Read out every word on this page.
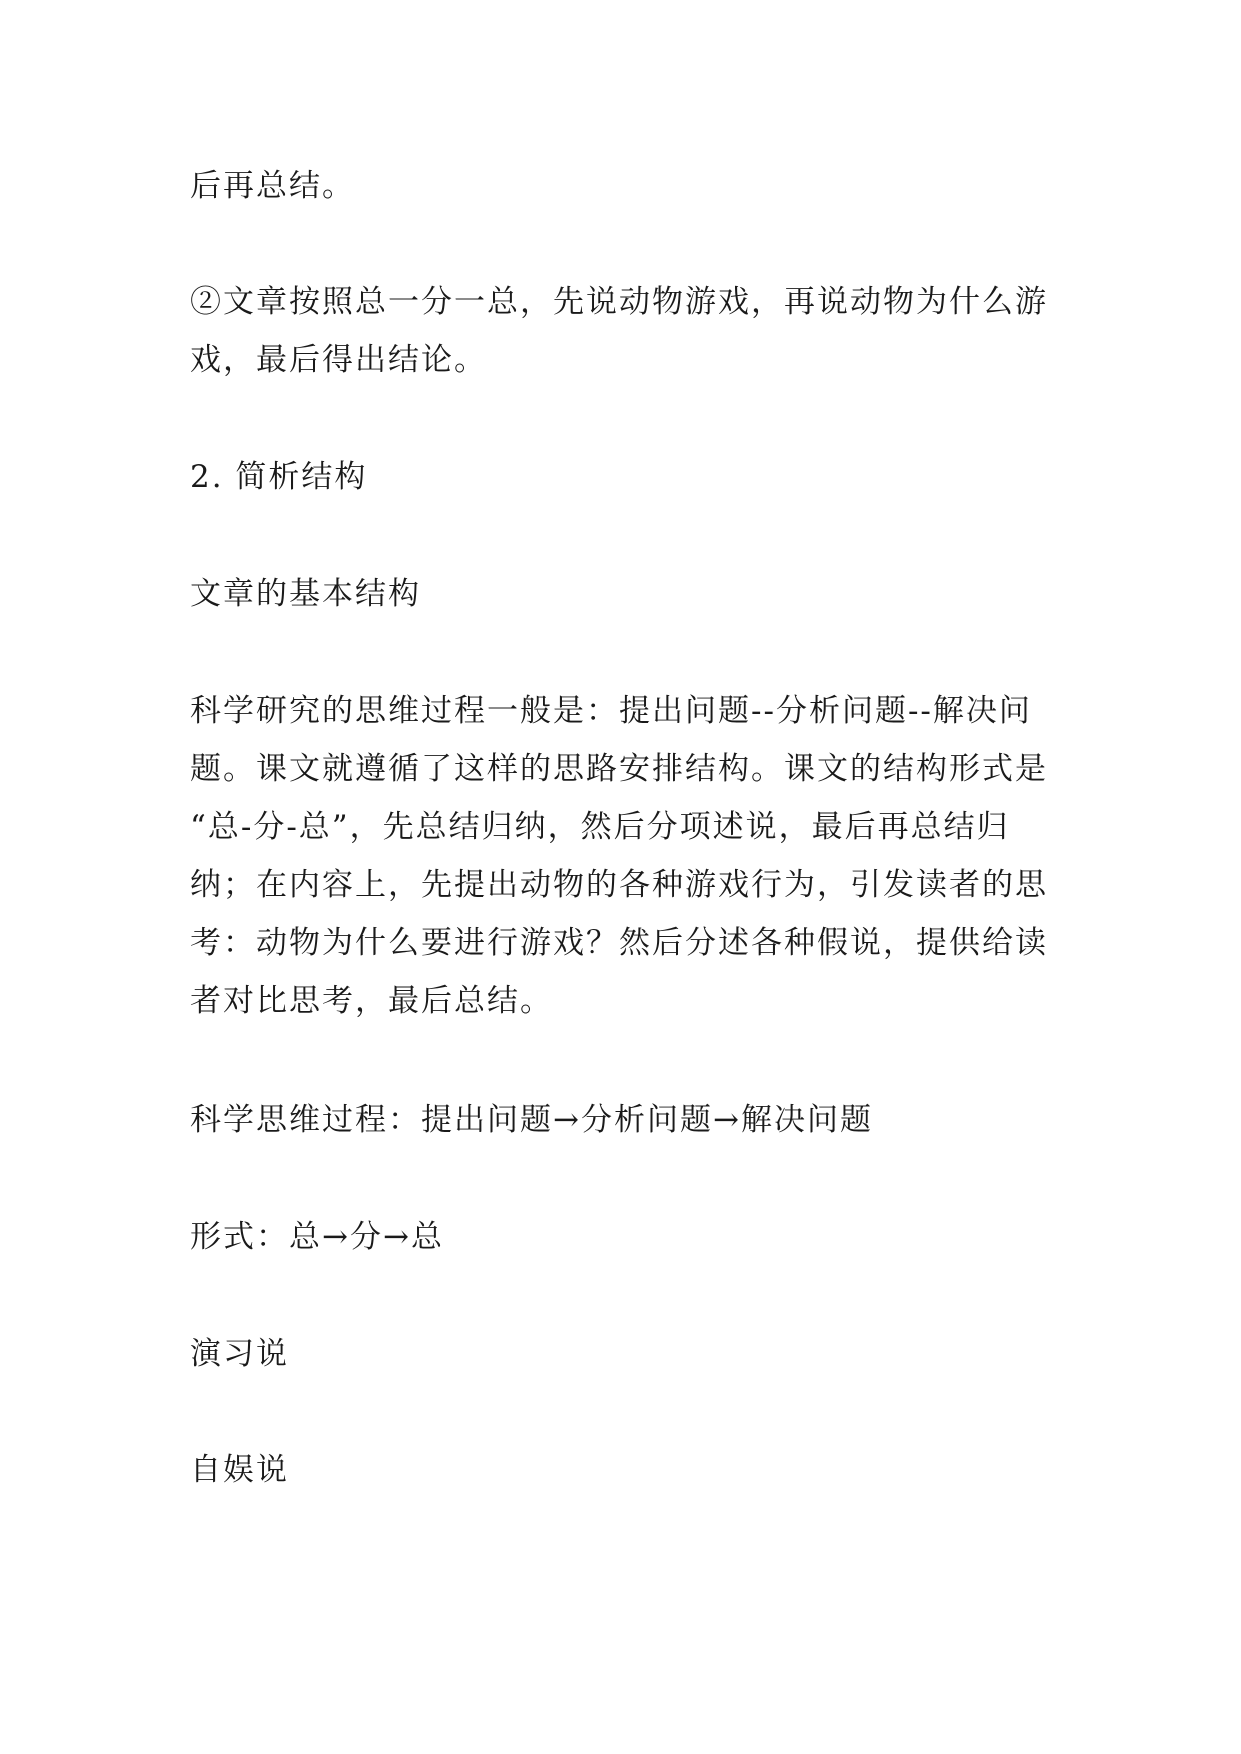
后再总结。

②文章按照总一分一总，先说动物游戏，再说动物为什么游
戏，最后得出结论。

2. 简析结构

文章的基本结构

科学研究的思维过程一般是：提出问题--分析问题--解决问
题。课文就遵循了这样的思路安排结构。课文的结构形式是
“总-分-总”，先总结归纳，然后分项述说，最后再总结归
纳；在内容上，先提出动物的各种游戏行为，引发读者的思
考：动物为什么要进行游戏？然后分述各种假说，提供给读
者对比思考，最后总结。

科学思维过程：提出问题→分析问题→解决问题

形式：总→分→总

演习说

自娱说
